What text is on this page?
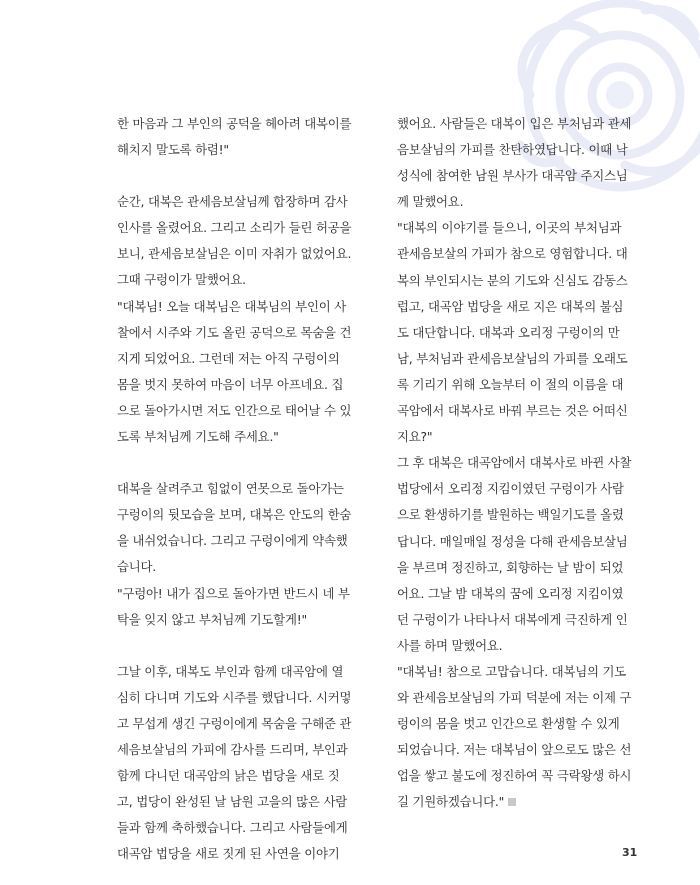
한 마음과 그 부인의 공덕을 헤아려 대복이를
해치지 말도록 하렴!"

순간, 대복은 관세음보살님께 합장하며 감사
인사를 올렸어요. 그리고 소리가 들린 허공을
보니, 관세음보살님은 이미 자취가 없었어요.
그때 구렁이가 말했어요.
"대복님! 오늘 대복님은 대복님의 부인이 사
찰에서 시주와 기도 올린 공덕으로 목숨을 건
지게 되었어요. 그런데 저는 아직 구렁이의
몸을 벗지 못하여 마음이 너무 아프네요. 집
으로 돌아가시면 저도 인간으로 태어날 수 있
도록 부처님께 기도해 주세요."

대복을 살려주고 힘없이 연못으로 돌아가는
구렁이의 뒷모습을 보며, 대복은 안도의 한숨
을 내쉬었습니다. 그리고 구렁이에게 약속했
습니다.
"구렁아! 내가 집으로 돌아가면 반드시 네 부
탁을 잊지 않고 부처님께 기도할게!"

그날 이후, 대복도 부인과 함께 대곡암에 열
심히 다니며 기도와 시주를 했답니다. 시커멓
고 무섭게 생긴 구렁이에게 목숨을 구해준 관
세음보살님의 가피에 감사를 드리며, 부인과
함께 다니던 대곡암의 낡은 법당을 새로 짓
고, 법당이 완성된 날 남원 고을의 많은 사람
들과 함께 축하했습니다. 그리고 사람들에게
대곡암 법당을 새로 짓게 된 사연을 이야기

했어요. 사람들은 대복이 입은 부처님과 관세
음보살님의 가피를 찬탄하였답니다. 이때 낙
성식에 참여한 남원 부사가 대곡암 주지스님
께 말했어요.
"대복의 이야기를 들으니, 이곳의 부처님과
관세음보살의 가피가 참으로 영험합니다. 대
복의 부인되시는 분의 기도와 신심도 감동스
럽고, 대곡암 법당을 새로 지은 대복의 불심
도 대단합니다. 대복과 오리정 구렁이의 만
남, 부처님과 관세음보살님의 가피를 오래도
록 기리기 위해 오늘부터 이 절의 이름을 대
곡암에서 대복사로 바꿔 부르는 것은 어떠신
지요?"
그 후 대복은 대곡암에서 대복사로 바뀐 사찰
법당에서 오리정 지킴이였던 구렁이가 사람
으로 환생하기를 발원하는 백일기도를 올렸
답니다. 매일매일 정성을 다해 관세음보살님
을 부르며 정진하고, 회향하는 날 밤이 되었
어요. 그날 밤 대복의 꿈에 오리정 지킴이였
던 구렁이가 나타나서 대복에게 극진하게 인
사를 하며 말했어요.
"대복님! 참으로 고맙습니다. 대복님의 기도
와 관세음보살님의 가피 덕분에 저는 이제 구
렁이의 몸을 벗고 인간으로 환생할 수 있게
되었습니다. 저는 대복님이 앞으로도 많은 선
업을 쌓고 불도에 정진하여 꼭 극락왕생 하시
길 기원하겠습니다."

31
